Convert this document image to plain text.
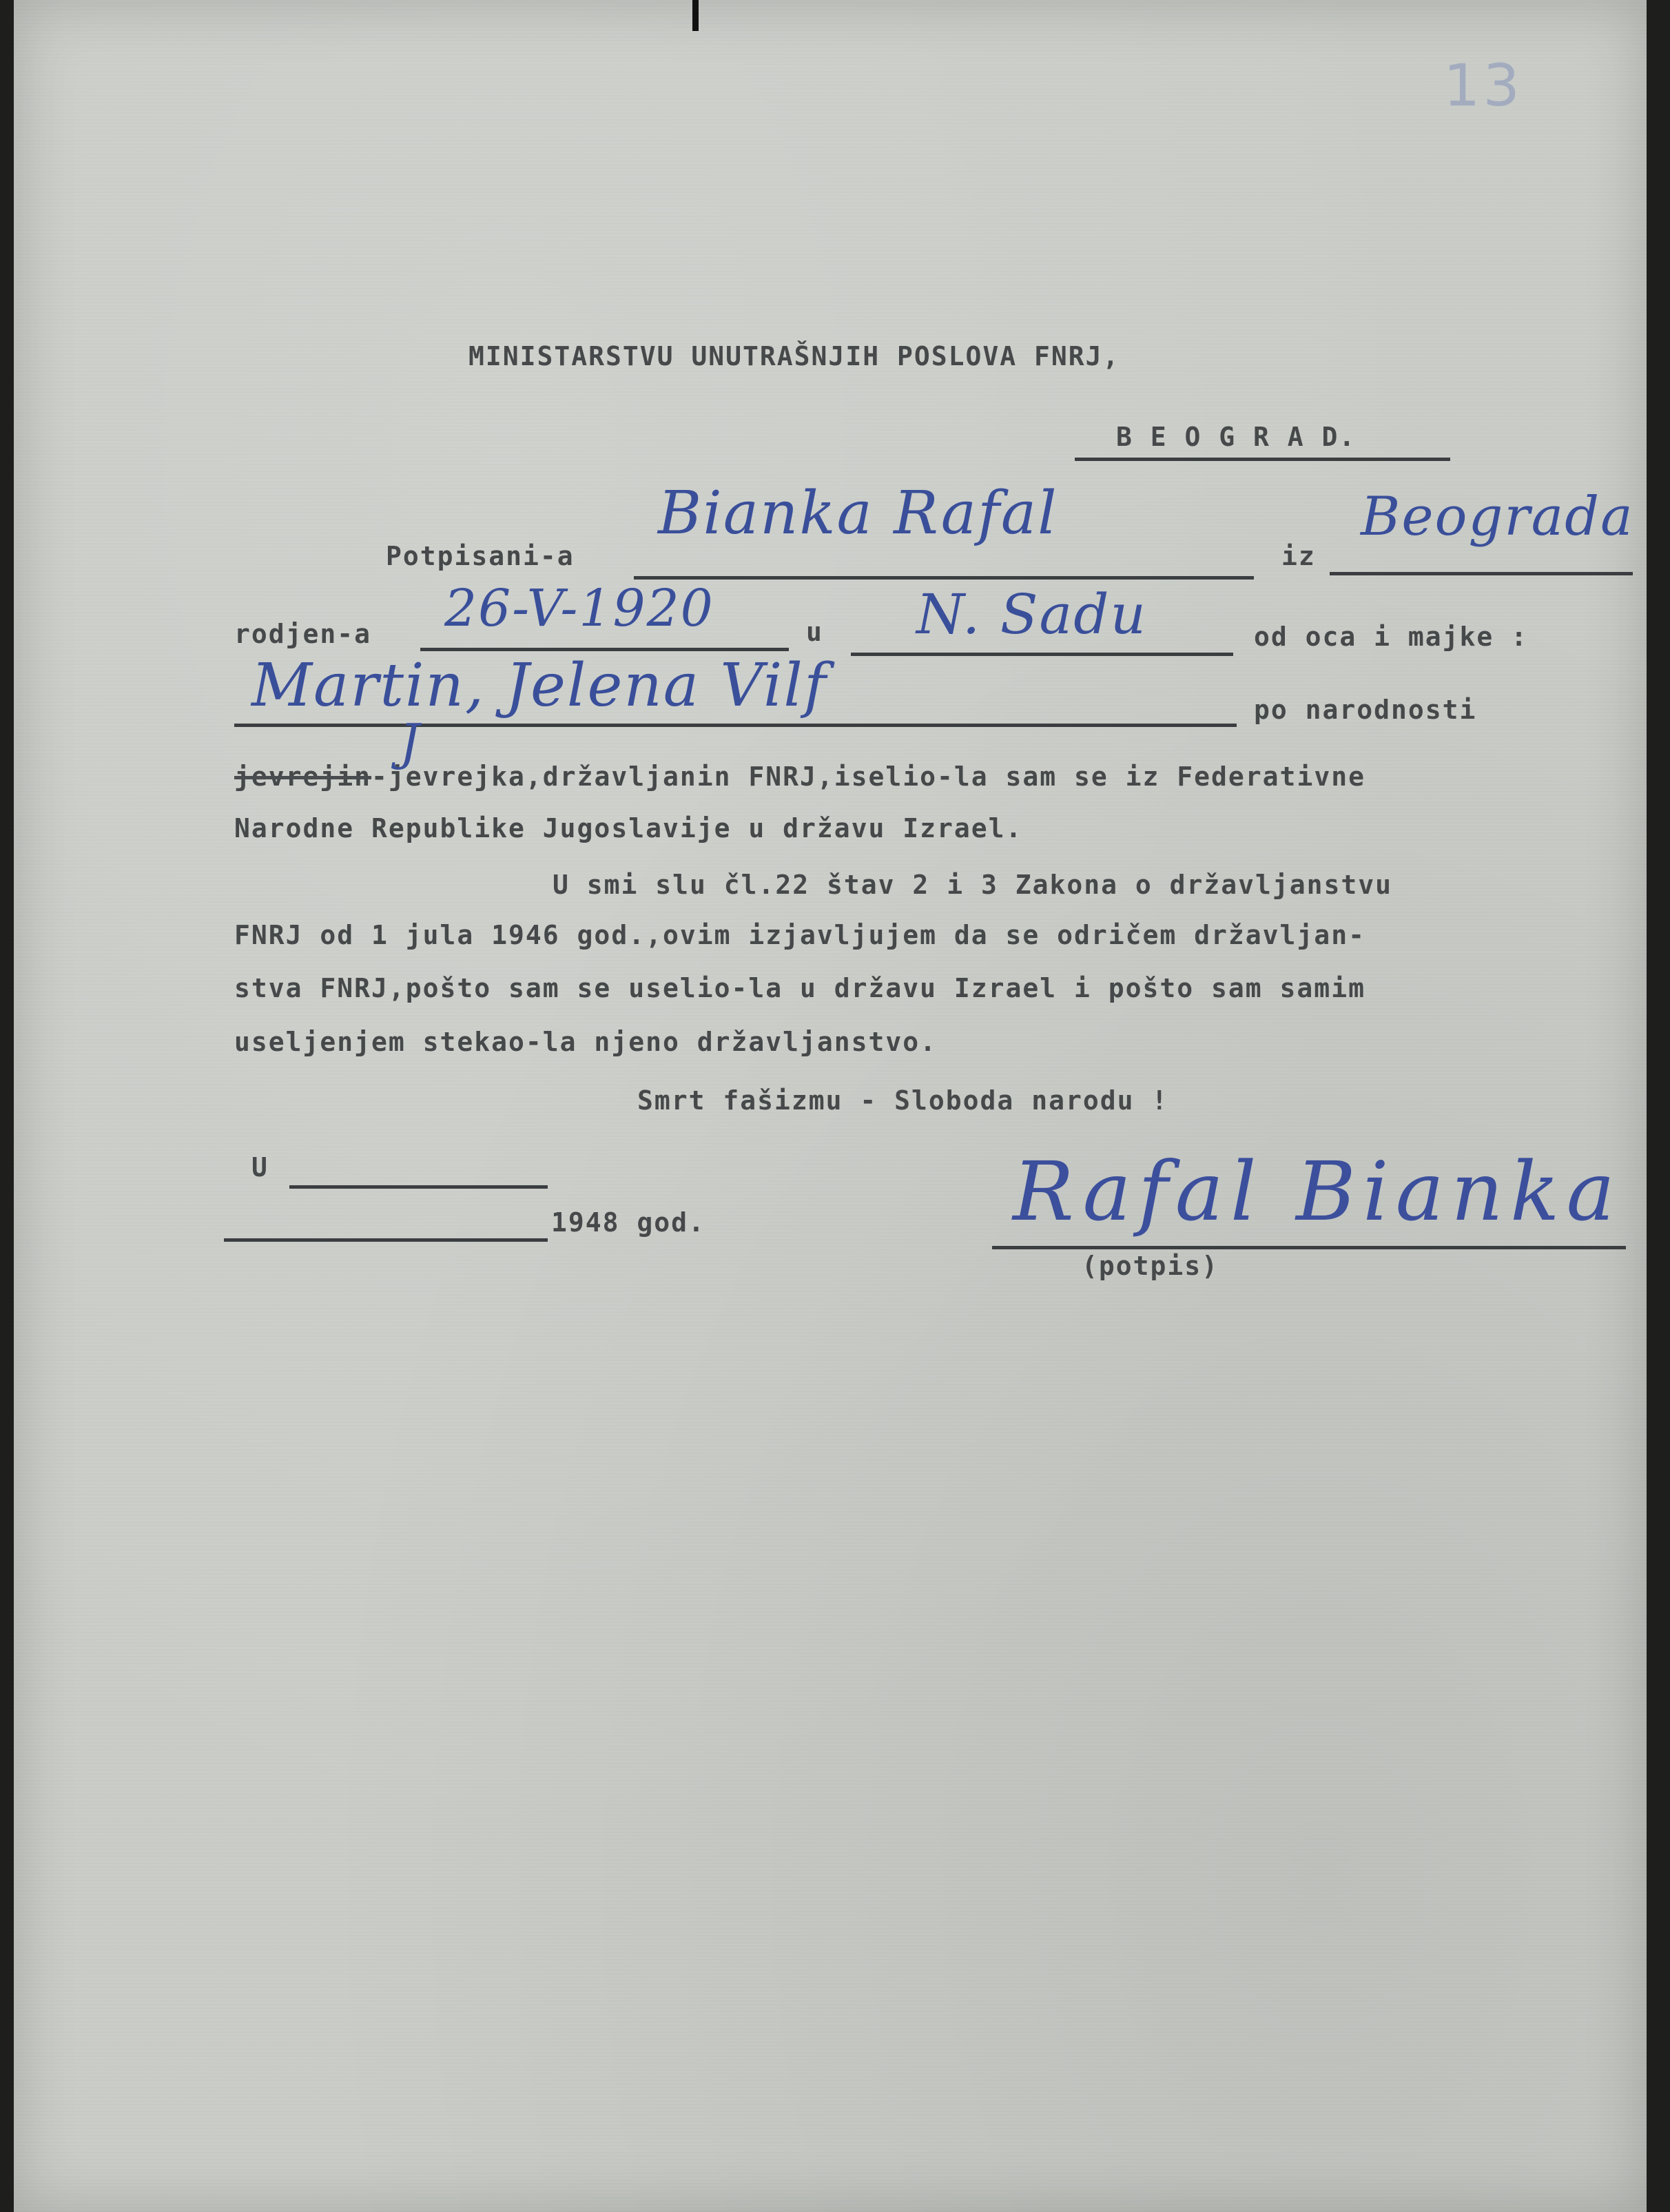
13
MINISTARSTVU UNUTRAŠNJIH POSLOVA FNRJ,
B E O G R A D.
Potpisani-a
Bianka Rafal
iz
Beograda
rodjen-a 26-V-1920	u N. Sadu	od oca i majke :
Martin, Jelena Vilf	po narodnosti
jevrejin-jevrejka,državljanin FNRJ,iselio-la sam se iz Federativne
J
Narodne Republike Jugoslavije u državu Izrael.
U smi slu čl.22 štav 2 i 3 Zakona o državljanstvu
FNRJ od 1 jula 1946 god.,ovim izjavljujem da se odričem državljan-
stva FNRJ,pošto sam se uselio-la u državu Izrael i pošto sam samim
useljenjem stekao-la njeno državljanstvo.
Smrt fašizmu - Sloboda narodu !
U
1948 god.	Rafal Bianka
(potpis)
